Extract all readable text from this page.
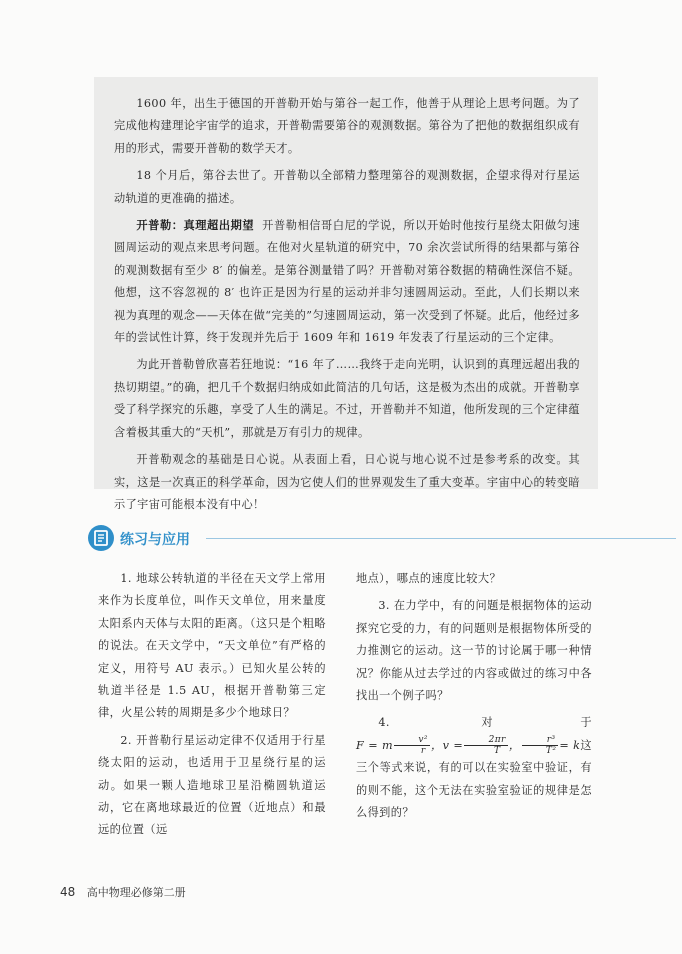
1600 年，出生于德国的开普勒开始与第谷一起工作，他善于从理论上思考问题。为了完成他构建理论宇宙学的追求，开普勒需要第谷的观测数据。第谷为了把他的数据组织成有用的形式，需要开普勒的数学天才。

18 个月后，第谷去世了。开普勒以全部精力整理第谷的观测数据，企望求得对行星运动轨道的更准确的描述。

开普勒：真理超出期望 开普勒相信哥白尼的学说，所以开始时他按行星绕太阳做匀速圆周运动的观点来思考问题。在他对火星轨道的研究中，70 余次尝试所得的结果都与第谷的观测数据有至少 8′ 的偏差。是第谷测量错了吗？开普勒对第谷数据的精确性深信不疑。他想，这不容忽视的 8′ 也许正是因为行星的运动并非匀速圆周运动。至此，人们长期以来视为真理的观念——天体在做“完美的”匀速圆周运动，第一次受到了怀疑。此后，他经过多年的尝试性计算，终于发现并先后于 1609 年和 1619 年发表了行星运动的三个定律。

为此开普勒曾欣喜若狂地说：“16 年了……我终于走向光明，认识到的真理远超出我的热切期望。”的确，把几千个数据归纳成如此简洁的几句话，这是极为杰出的成就。开普勒享受了科学探究的乐趣，享受了人生的满足。不过，开普勒并不知道，他所发现的三个定律蕴含着极其重大的“天机”，那就是万有引力的规律。

开普勒观念的基础是日心说。从表面上看，日心说与地心说不过是参考系的改变。其实，这是一次真正的科学革命，因为它使人们的世界观发生了重大变革。宇宙中心的转变暗示了宇宙可能根本没有中心！

练习与应用

1. 地球公转轨道的半径在天文学上常用来作为长度单位，叫作天文单位，用来量度太阳系内天体与太阳的距离。（这只是个粗略的说法。在天文学中，“天文单位”有严格的定义，用符号 AU 表示。）已知火星公转的轨道半径是 1.5 AU，根据开普勒第三定律，火星公转的周期是多少个地球日？

2. 开普勒行星运动定律不仅适用于行星绕太阳的运动，也适用于卫星绕行星的运动。如果一颗人造地球卫星沿椭圆轨道运动，它在离地球最近的位置（近地点）和最远的位置（远

地点），哪点的速度比较大？

3. 在力学中，有的问题是根据物体的运动探究它受的力，有的问题则是根据物体所受的力推测它的运动。这一节的讨论属于哪一种情况？你能从过去学过的内容或做过的练习中各找出一个例子吗？

4. 对于F = m $\frac{\text{v²}}{r}$ ，$v = \frac{2\pi r}{T}$ ， $\frac{\text{r³}}{\text{T²}} = k$这三个等式来说，有的可以在实验室中验证，有的则不能，这个无法在实验室验证的规律是怎么得到的？

48 高中物理必修第二册
